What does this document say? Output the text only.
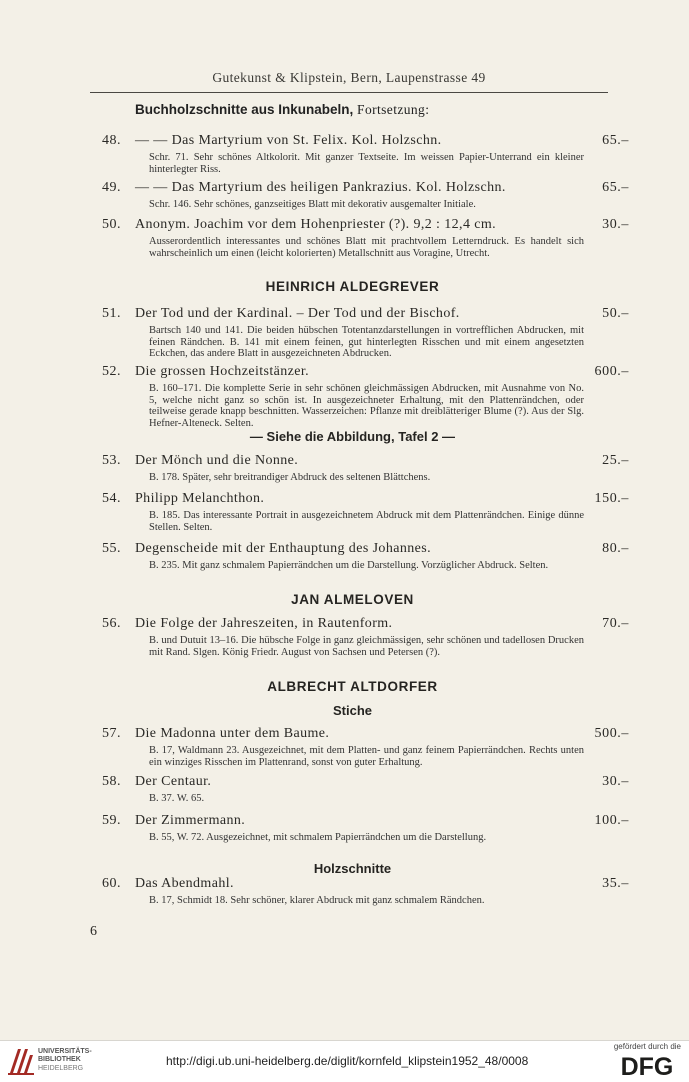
Gutekunst & Klipstein, Bern, Laupenstrasse 49
Buchholzschnitte aus Inkunabeln, Fortsetzung:
48. — — Das Martyrium von St. Felix. Kol. Holzschn.	65.–
Schr. 71. Sehr schönes Altkolorit. Mit ganzer Textseite. Im weissen Papier-Unterrand ein kleiner hinterlegter Riss.
49. — — Das Martyrium des heiligen Pankrazius. Kol. Holzschn.	65.–
Schr. 146. Sehr schönes, ganzseitiges Blatt mit dekorativ ausgemalter Initiale.
50. Anonym. Joachim vor dem Hohenpriester (?). 9,2 : 12,4 cm.	30.–
Ausserordentlich interessantes und schönes Blatt mit prachtvollem Letterndruck. Es handelt sich wahrscheinlich um einen (leicht kolorierten) Metallschnitt aus Voragine, Utrecht.
HEINRICH ALDEGREVER
51. Der Tod und der Kardinal. – Der Tod und der Bischof.	50.–
Bartsch 140 und 141. Die beiden hübschen Totentanzdarstellungen in vortrefflichen Abdrucken, mit feinen Rändchen. B. 141 mit einem feinen, gut hinterlegten Risschen und mit einem angesetzten Eckchen, das andere Blatt in ausgezeichneten Abdrucken.
52. Die grossen Hochzeitstänzer.	600.–
B. 160–171. Die komplette Serie in sehr schönen gleichmässigen Abdrucken, mit Ausnahme von No. 5, welche nicht ganz so schön ist. In ausgezeichneter Erhaltung, mit den Plattenrändchen, oder teilweise gerade knapp beschnitten. Wasserzeichen: Pflanze mit dreiblätteriger Blume (?). Aus der Slg. Hefner-Alteneck. Selten.
— Siehe die Abbildung, Tafel 2 —
53. Der Mönch und die Nonne.	25.–
B. 178. Später, sehr breitrandiger Abdruck des seltenen Blättchens.
54. Philipp Melanchthon.	150.–
B. 185. Das interessante Portrait in ausgezeichnetem Abdruck mit dem Plattenrändchen. Einige dünne Stellen. Selten.
55. Degenscheide mit der Enthauptung des Johannes.	80.–
B. 235. Mit ganz schmalem Papierrändchen um die Darstellung. Vorzüglicher Abdruck. Selten.
JAN ALMELOVEN
56. Die Folge der Jahreszeiten, in Rautenform.	70.–
B. und Dutuit 13–16. Die hübsche Folge in ganz gleichmässigen, sehr schönen und tadellosen Drucken mit Rand. Slgen. König Friedr. August von Sachsen und Petersen (?).
ALBRECHT ALTDORFER
Stiche
57. Die Madonna unter dem Baume.	500.–
B. 17, Waldmann 23. Ausgezeichnet, mit dem Platten- und ganz feinem Papierrändchen. Rechts unten ein winziges Risschen im Plattenrand, sonst von guter Erhaltung.
58. Der Centaur.	30.–
B. 37. W. 65.
59. Der Zimmermann.	100.–
B. 55, W. 72. Ausgezeichnet, mit schmalem Papierrändchen um die Darstellung.
Holzschnitte
60. Das Abendmahl.	35.–
B. 17, Schmidt 18. Sehr schöner, klarer Abdruck mit ganz schmalem Rändchen.
6
UNIVERSITÄTS-
BIBLIOTHEK
HEIDELBERG
http://digi.ub.uni-heidelberg.de/diglit/kornfeld_klipstein1952_48/0008
gefördert durch die
DFG
